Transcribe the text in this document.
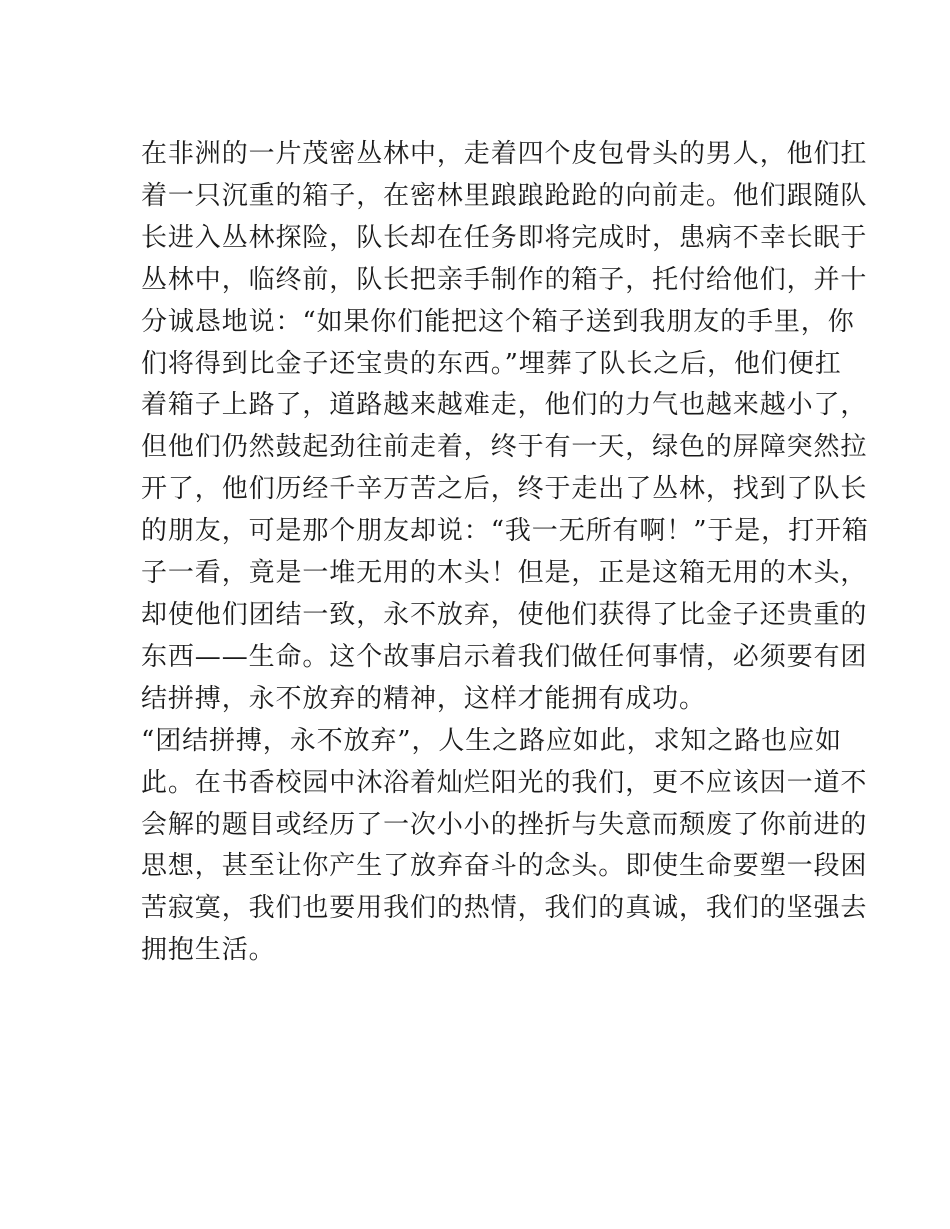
在非洲的一片茂密丛林中，走着四个皮包骨头的男人，他们扛
着一只沉重的箱子，在密林里踉踉跄跄的向前走。他们跟随队
长进入丛林探险，队长却在任务即将完成时，患病不幸长眠于
丛林中，临终前，队长把亲手制作的箱子，托付给他们，并十
分诚恳地说：“如果你们能把这个箱子送到我朋友的手里，你
们将得到比金子还宝贵的东西。”埋葬了队长之后，他们便扛
着箱子上路了，道路越来越难走，他们的力气也越来越小了，
但他们仍然鼓起劲往前走着，终于有一天，绿色的屏障突然拉
开了，他们历经千辛万苦之后，终于走出了丛林，找到了队长
的朋友，可是那个朋友却说：“我一无所有啊！”于是，打开箱
子一看，竟是一堆无用的木头！但是，正是这箱无用的木头，
却使他们团结一致，永不放弃，使他们获得了比金子还贵重的
东西——生命。这个故事启示着我们做任何事情，必须要有团
结拼搏，永不放弃的精神，这样才能拥有成功。

“团结拼搏，永不放弃”，人生之路应如此，求知之路也应如
此。在书香校园中沐浴着灿烂阳光的我们，更不应该因一道不
会解的题目或经历了一次小小的挫折与失意而颓废了你前进的
思想，甚至让你产生了放弃奋斗的念头。即使生命要塑一段困
苦寂寞，我们也要用我们的热情，我们的真诚，我们的坚强去
拥抱生活。
